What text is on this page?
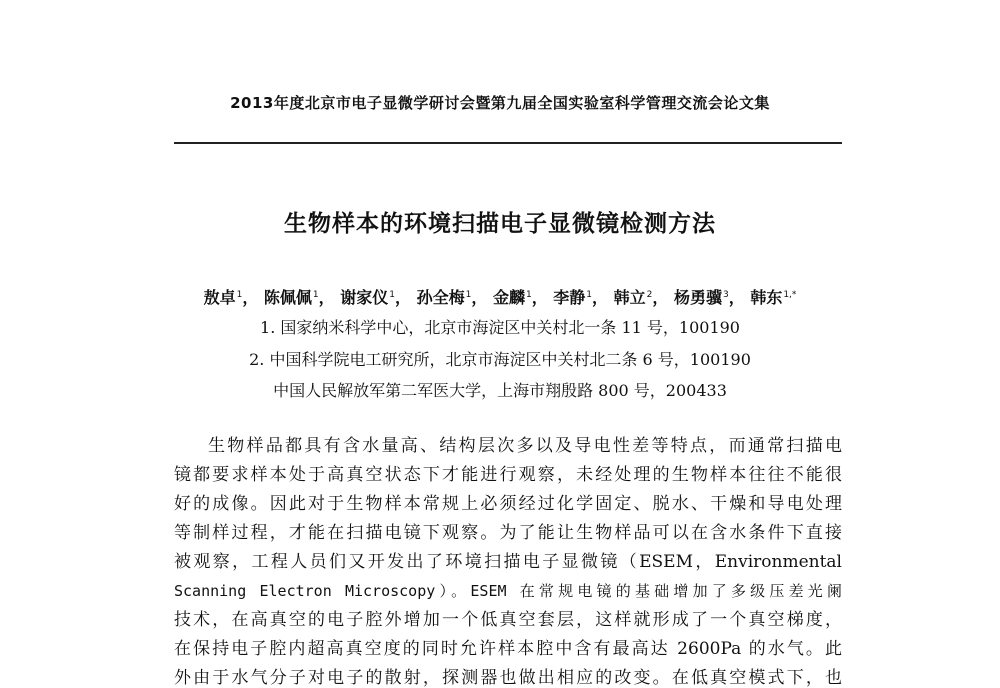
2013年度北京市电子显微学研讨会暨第九届全国实验室科学管理交流会论文集
生物样本的环境扫描电子显微镜检测方法
敖卓$^1$， 陈佩佩$^1$， 谢家仪$^1$， 孙全梅$^1$， 金麟$^1$， 李静$^1$， 韩立$^2$， 杨勇骥$^3$， 韩东$^{1,*}$
1. 国家纳米科学中心，北京市海淀区中关村北一条 11 号，100190
2. 中国科学院电工研究所，北京市海淀区中关村北二条 6 号，100190
中国人民解放军第二军医大学，上海市翔殷路 800 号，200433
生物样品都具有含水量高、结构层次多以及导电性差等特点，而通常扫描电
镜都要求样本处于高真空状态下才能进行观察，未经处理的生物样本往往不能很
好的成像。因此对于生物样本常规上必须经过化学固定、脱水、干燥和导电处理
等制样过程，才能在扫描电镜下观察。为了能让生物样品可以在含水条件下直接
被观察，工程人员们又开发出了环境扫描电子显微镜（ESEM，Environmental
Scanning Electron Microscopy）。ESEM 在常规电镜的基础增加了多级压差光阑
技术，在高真空的电子腔外增加一个低真空套层，这样就形成了一个真空梯度，
在保持电子腔内超高真空度的同时允许样本腔中含有最高达 2600Pa 的水气。此
外由于水气分子对电子的散射，探测器也做出相应的改变。在低真空模式下，也
